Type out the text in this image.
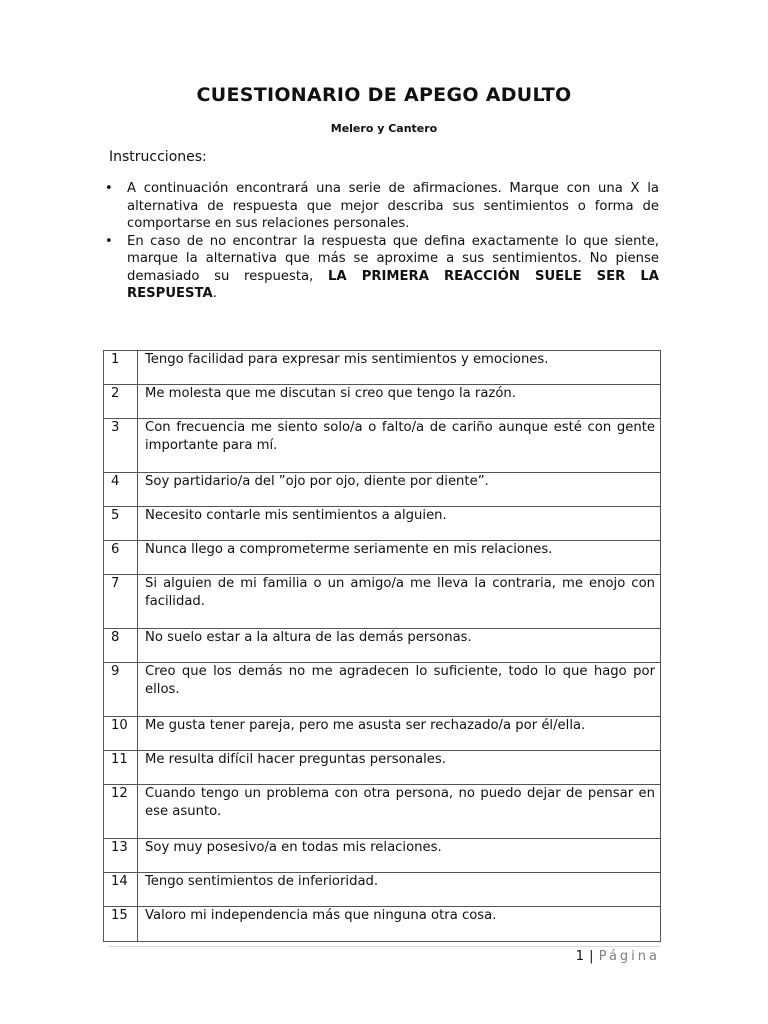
CUESTIONARIO DE APEGO ADULTO
Melero y Cantero
Instrucciones:
• A continuación encontrará una serie de afirmaciones. Marque con una X la alternativa de respuesta que mejor describa sus sentimientos o forma de comportarse en sus relaciones personales.
• En caso de no encontrar la respuesta que defina exactamente lo que siente, marque la alternativa que más se aproxime a sus sentimientos. No piense demasiado su respuesta, LA PRIMERA REACCIÓN SUELE SER LA RESPUESTA.
1	Tengo facilidad para expresar mis sentimientos y emociones.
2	Me molesta que me discutan si creo que tengo la razón.
3	Con frecuencia me siento solo/a o falto/a de cariño aunque esté con gente importante para mí.
4	Soy partidario/a del ”ojo por ojo, diente por diente”.
5	Necesito contarle mis sentimientos a alguien.
6	Nunca llego a comprometerme seriamente en mis relaciones.
7	Si alguien de mi familia o un amigo/a me lleva la contraria, me enojo con facilidad.
8	No suelo estar a la altura de las demás personas.
9	Creo que los demás no me agradecen lo suficiente, todo lo que hago por ellos.
10	Me gusta tener pareja, pero me asusta ser rechazado/a por él/ella.
11	Me resulta difícil hacer preguntas personales.
12	Cuando tengo un problema con otra persona, no puedo dejar de pensar en ese asunto.
13	Soy muy posesivo/a en todas mis relaciones.
14	Tengo sentimientos de inferioridad.
15	Valoro mi independencia más que ninguna otra cosa.
1 | Página
